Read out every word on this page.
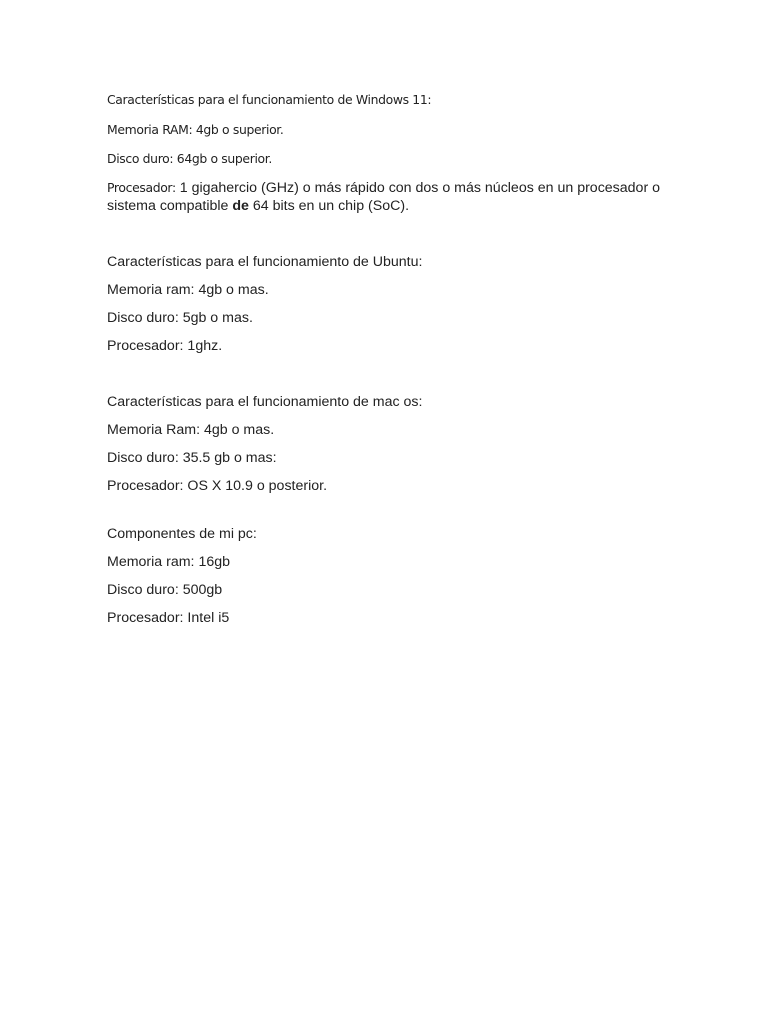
Características para el funcionamiento de Windows 11:
Memoria RAM: 4gb o superior.
Disco duro: 64gb o superior.
Procesador: 1 gigahercio (GHz) o más rápido con dos o más núcleos en un procesador o sistema compatible de 64 bits en un chip (SoC).
Características para el funcionamiento de Ubuntu:
Memoria ram: 4gb o mas.
Disco duro: 5gb o mas.
Procesador: 1ghz.
Características para el funcionamiento de mac os:
Memoria Ram: 4gb o mas.
Disco duro: 35.5 gb o mas:
Procesador: OS X 10.9 o posterior.
Componentes de mi pc:
Memoria ram: 16gb
Disco duro: 500gb
Procesador: Intel i5
